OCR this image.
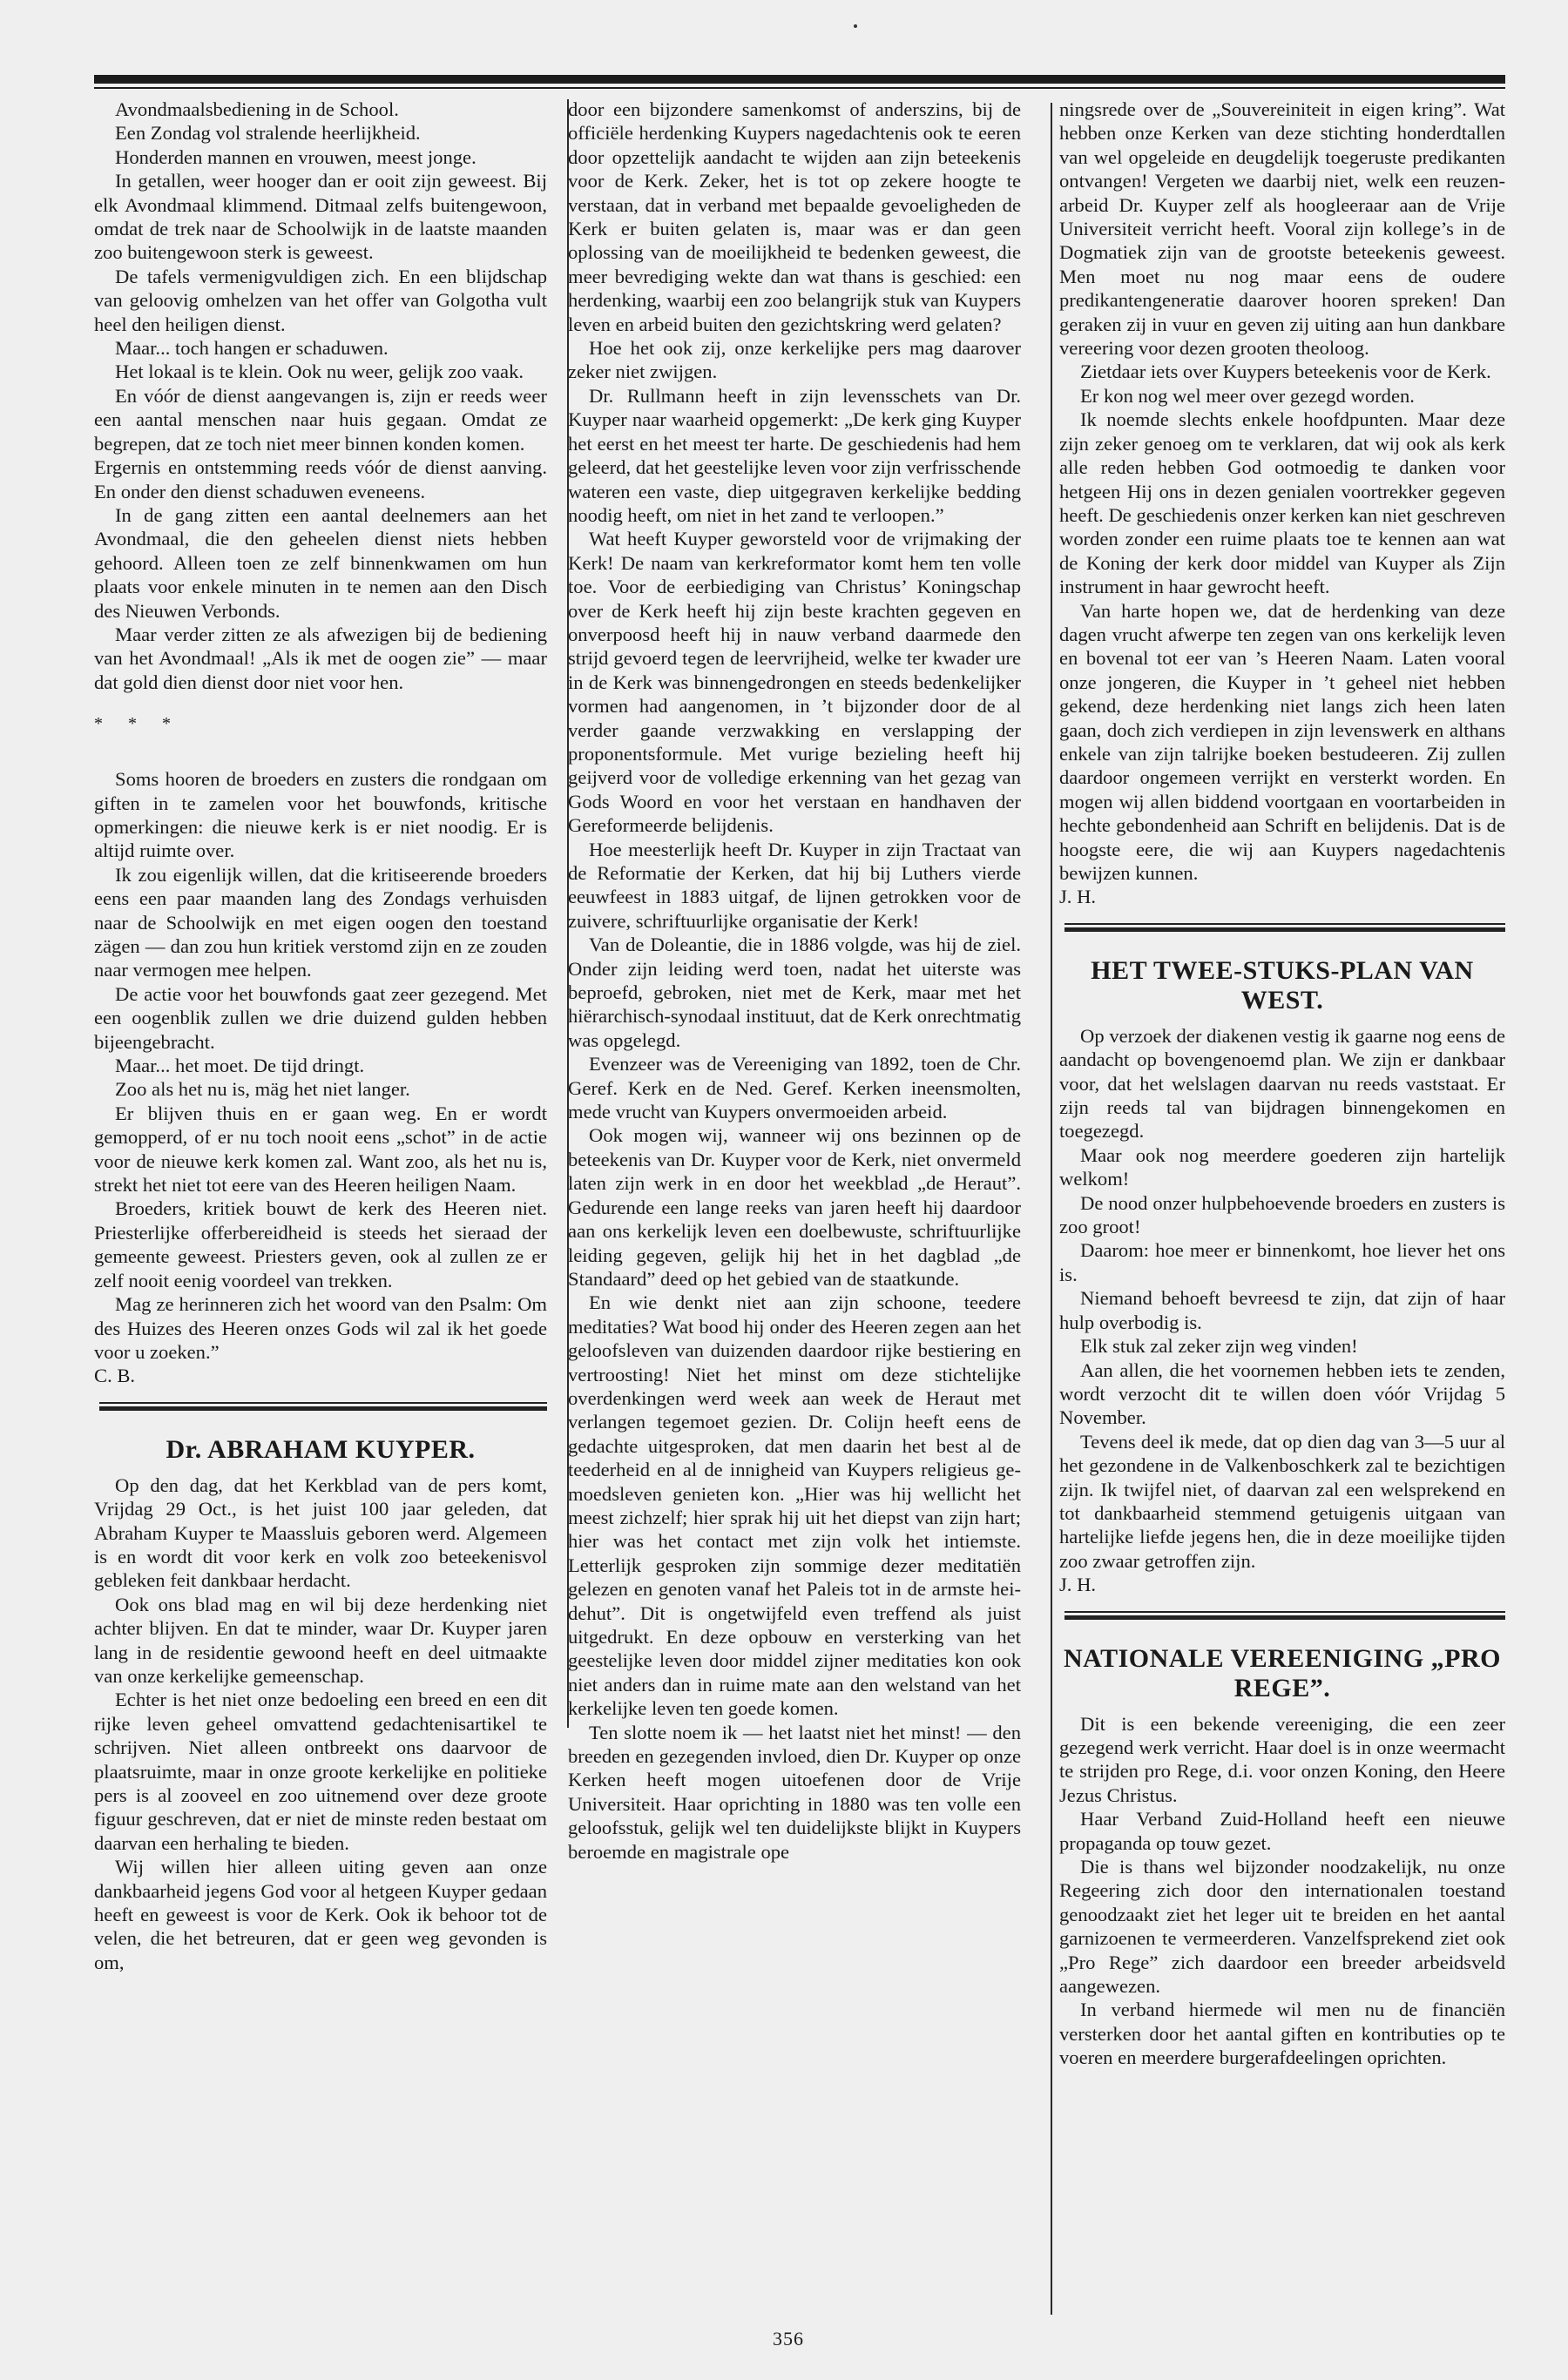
Avondmaalsbediening in de School.

Een Zondag vol stralende heerlijkheid.

Honderden mannen en vrouwen, meest jonge.

In getallen, weer hooger dan er ooit zijn geweest. Bij elk Avondmaal klimmend. Ditmaal zelfs buitengewoon, omdat de trek naar de Schoolwijk in de laatste maanden zoo buitengewoon sterk is geweest.

De tafels vermenigvuldigen zich. En een blijdschap van geloovig omhelzen van het offer van Golgotha vult heel den heiligen dienst.

Maar... toch hangen er schaduwen.

Het lokaal is te klein. Ook nu weer, gelijk zoo vaak.

En vóór de dienst aangevangen is, zijn er reeds weer een aantal menschen naar huis gegaan. Omdat ze begrepen, dat ze toch niet meer binnen konden komen.

Ergernis en ontstemming reeds vóór de dienst aanving. En onder den dienst schaduwen eveneens.

In de gang zitten een aantal deelnemers aan het Avondmaal, die den geheelen dienst niets hebben gehoord. Alleen toen ze zelf binnenkwamen om hun plaats voor enkele minuten in te nemen aan den Disch des Nieuwen Verbonds.

Maar verder zitten ze als afwezigen bij de bediening van het Avondmaal! „Als ik met de oogen zie” — maar dat gold dien dienst door niet voor hen.

* * *

Soms hooren de broeders en zusters die rondgaan om giften in te zamelen voor het bouwfonds, kritische opmerkingen: die nieuwe kerk is er niet noodig. Er is altijd ruimte over.

Ik zou eigenlijk willen, dat die kritiseerende broeders eens een paar maanden lang des Zondags verhuisden naar de Schoolwijk en met eigen oogen den toestand zägen — dan zou hun kritiek verstomd zijn en ze zouden naar vermogen mee helpen.

De actie voor het bouwfonds gaat zeer gezegend. Met een oogenblik zullen we drie duizend gulden hebben bijeengebracht.

Maar... het moet. De tijd dringt.

Zoo als het nu is, mäg het niet langer.

Er blijven thuis en er gaan weg. En er wordt gemopperd, of er nu toch nooit eens „schot” in de actie voor de nieuwe kerk komen zal. Want zoo, als het nu is, strekt het niet tot eere van des Heeren heiligen Naam.

Broeders, kritiek bouwt de kerk des Heeren niet. Priesterlijke offerbereidheid is steeds het sieraad der gemeente geweest. Priesters geven, ook al zullen ze er zelf nooit eenig voordeel van trekken.

Mag ze herinneren zich het woord van den Psalm: Om des Huizes des Heeren onzes Gods wil zal ik het goede voor u zoeken.”

C. B.

Dr. ABRAHAM KUYPER.

Op den dag, dat het Kerkblad van de pers komt, Vrijdag 29 Oct., is het juist 100 jaar geleden, dat Abraham Kuyper te Maassluis geboren werd. Algemeen is en wordt dit voor kerk en volk zoo beteekenisvol gebleken feit dankbaar herdacht.

Ook ons blad mag en wil bij deze herdenking niet achter blijven. En dat te minder, waar Dr. Kuyper jaren lang in de residentie gewoond heeft en deel uitmaakte van onze kerkelijke gemeenschap.

Echter is het niet onze bedoeling een breed en een dit rijke leven geheel omvattend gedachtenisartikel te schrijven. Niet alleen ontbreekt ons daarvoor de plaatsruimte, maar in onze groote kerkelijke en politieke pers is al zooveel en zoo uitnemend over deze groote figuur geschreven, dat er niet de minste reden bestaat om daarvan een herhaling te bieden.

Wij willen hier alleen uiting geven aan onze dankbaarheid jegens God voor al hetgeen Kuyper gedaan heeft en geweest is voor de Kerk. Ook ik behoor tot de velen, die het betreuren, dat er geen weg gevonden is om,

door een bijzondere samenkomst of anderszins, bij de officiële herdenking Kuypers nagedachtenis ook te eeren door opzettelijk aandacht te wijden aan zijn beteekenis voor de Kerk. Zeker, het is tot op zekere hoogte te verstaan, dat in verband met bepaalde gevoeligheden de Kerk er buiten gelaten is, maar was er dan geen oplossing van de moeilijkheid te bedenken geweest, die meer bevrediging wekte dan wat thans is geschied: een herdenking, waarbij een zoo belangrijk stuk van Kuypers leven en arbeid buiten den gezichtskring werd gelaten?

Hoe het ook zij, onze kerkelijke pers mag daarover zeker niet zwijgen.

Dr. Rullmann heeft in zijn levensschets van Dr. Kuyper naar waarheid opgemerkt: „De kerk ging Kuyper het eerst en het meest ter harte. De geschiedenis had hem geleerd, dat het geestelijke leven voor zijn verfrisschende wateren een vaste, diep uitgegraven kerkelijke bedding noodig heeft, om niet in het zand te verloopen.”

Wat heeft Kuyper geworsteld voor de vrijmaking der Kerk! De naam van kerkreformator komt hem ten volle toe. Voor de eerbiediging van Christus’ Koningschap over de Kerk heeft hij zijn beste krachten gegeven en onverpoosd heeft hij in nauw verband daarmede den strijd gevoerd tegen de leervrijheid, welke ter kwader ure in de Kerk was binnengedrongen en steeds bedenkelijker vormen had aangenomen, in ’t bijzonder door de al verder gaande verzwakking en verslapping der proponentsformule. Met vurige bezieling heeft hij geijverd voor de volledige erkenning van het gezag van Gods Woord en voor het verstaan en handhaven der Gereformeerde belijdenis.

Hoe meesterlijk heeft Dr. Kuyper in zijn Tractaat van de Reformatie der Kerken, dat hij bij Luthers vierde eeuwfeest in 1883 uitgaf, de lijnen getrokken voor de zuivere, schriftuurlijke organisatie der Kerk!

Van de Doleantie, die in 1886 volgde, was hij de ziel. Onder zijn leiding werd toen, nadat het uiterste was beproefd, gebroken, niet met de Kerk, maar met het hiërarchisch-synodaal instituut, dat de Kerk onrechtmatig was opgelegd.

Evenzeer was de Vereeniging van 1892, toen de Chr. Geref. Kerk en de Ned. Geref. Kerken ineensmolten, mede vrucht van Kuypers onvermoeiden arbeid.

Ook mogen wij, wanneer wij ons bezinnen op de beteekenis van Dr. Kuyper voor de Kerk, niet onvermeld laten zijn werk in en door het weekblad „de Heraut”. Gedurende een lange reeks van jaren heeft hij daardoor aan ons kerkelijk leven een doelbewuste, schriftuurlijke leiding gegeven, gelijk hij het in het dagblad „de Standaard” deed op het gebied van de staatkunde.

En wie denkt niet aan zijn schoone, teedere meditaties? Wat bood hij onder des Heeren zegen aan het geloofsleven van duizenden daardoor rijke bestiering en vertroosting! Niet het minst om deze stichtelijke overdenkingen werd week aan week de Heraut met verlangen tegemoet gezien. Dr. Colijn heeft eens de gedachte uitgesproken, dat men daarin het best al de teederheid en al de innigheid van Kuypers religieus gemoedsleven genieten kon. „Hier was hij wellicht het meest zichzelf; hier sprak hij uit het diepst van zijn hart; hier was het contact met zijn volk het intiemste. Letterlijk gesproken zijn sommige dezer meditatiën gelezen en genoten vanaf het Paleis tot in de armste heidehut”. Dit is ongetwijfeld even treffend als juist uitgedrukt. En deze opbouw en versterking van het geestelijke leven door middel zijner meditaties kon ook niet anders dan in ruime mate aan den welstand van het kerkelijke leven ten goede komen.

Ten slotte noem ik — het laatst niet het minst! — den breeden en gezegenden invloed, dien Dr. Kuyper op onze Kerken heeft mogen uitoefenen door de Vrije Universiteit. Haar oprichting in 1880 was ten volle een geloofsstuk, gelijk wel ten duidelijkste blijkt in Kuypers beroemde en magistrale ope

ningsrede over de „Souvereiniteit in eigen kring”. Wat hebben onze Kerken van deze stichting honderdtallen van wel opgeleide en deugdelijk toegeruste predikanten ontvangen! Vergeten we daarbij niet, welk een reuzenarbeid Dr. Kuyper zelf als hoogleeraar aan de Vrije Universiteit verricht heeft. Vooral zijn kollege’s in de Dogmatiek zijn van de grootste beteekenis geweest. Men moet nu nog maar eens de oudere predikantengeneratie daarover hooren spreken! Dan geraken zij in vuur en geven zij uiting aan hun dankbare vereering voor dezen grooten theoloog.

Zietdaar iets over Kuypers beteekenis voor de Kerk.

Er kon nog wel meer over gezegd worden.

Ik noemde slechts enkele hoofdpunten. Maar deze zijn zeker genoeg om te verklaren, dat wij ook als kerk alle reden hebben God ootmoedig te danken voor hetgeen Hij ons in dezen genialen voortrekker gegeven heeft. De geschiedenis onzer kerken kan niet geschreven worden zonder een ruime plaats toe te kennen aan wat de Koning der kerk door middel van Kuyper als Zijn instrument in haar gewrocht heeft.

Van harte hopen we, dat de herdenking van deze dagen vrucht afwerpe ten zegen van ons kerkelijk leven en bovenal tot eer van ’s Heeren Naam. Laten vooral onze jongeren, die Kuyper in ’t geheel niet hebben gekend, deze herdenking niet langs zich heen laten gaan, doch zich verdiepen in zijn levenswerk en althans enkele van zijn talrijke boeken bestudeeren. Zij zullen daardoor ongemeen verrijkt en versterkt worden. En mogen wij allen biddend voortgaan en voortarbeiden in hechte gebondenheid aan Schrift en belijdenis. Dat is de hoogste eere, die wij aan Kuypers nagedachtenis bewijzen kunnen.

J. H.

HET TWEE-STUKS-PLAN VAN WEST.

Op verzoek der diakenen vestig ik gaarne nog eens de aandacht op bovengenoemd plan. We zijn er dankbaar voor, dat het welslagen daarvan nu reeds vaststaat. Er zijn reeds tal van bijdragen binnengekomen en toegezegd.

Maar ook nog meerdere goederen zijn hartelijk welkom!

De nood onzer hulpbehoevende broeders en zusters is zoo groot!

Daarom: hoe meer er binnenkomt, hoe liever het ons is.

Niemand behoeft bevreesd te zijn, dat zijn of haar hulp overbodig is.

Elk stuk zal zeker zijn weg vinden!

Aan allen, die het voornemen hebben iets te zenden, wordt verzocht dit te willen doen vóór Vrijdag 5 November.

Tevens deel ik mede, dat op dien dag van 3—5 uur al het gezondene in de Valkenboschkerk zal te bezichtigen zijn. Ik twijfel niet, of daarvan zal een welsprekend en tot dankbaarheid stemmend getuigenis uitgaan van hartelijke liefde jegens hen, die in deze moeilijke tijden zoo zwaar getroffen zijn.

J. H.

NATIONALE VEREENIGING „PRO REGE”.

Dit is een bekende vereeniging, die een zeer gezegend werk verricht. Haar doel is in onze weermacht te strijden pro Rege, d.i. voor onzen Koning, den Heere Jezus Christus.

Haar Verband Zuid-Holland heeft een nieuwe propaganda op touw gezet.

Die is thans wel bijzonder noodzakelijk, nu onze Regeering zich door den internationalen toestand genoodzaakt ziet het leger uit te breiden en het aantal garnizoenen te vermeerderen. Vanzelfsprekend ziet ook „Pro Rege” zich daardoor een breeder arbeidsveld aangewezen.

In verband hiermede wil men nu de financiën versterken door het aantal giften en kontributies op te voeren en meerdere burgerafdeelingen oprichten.

356
